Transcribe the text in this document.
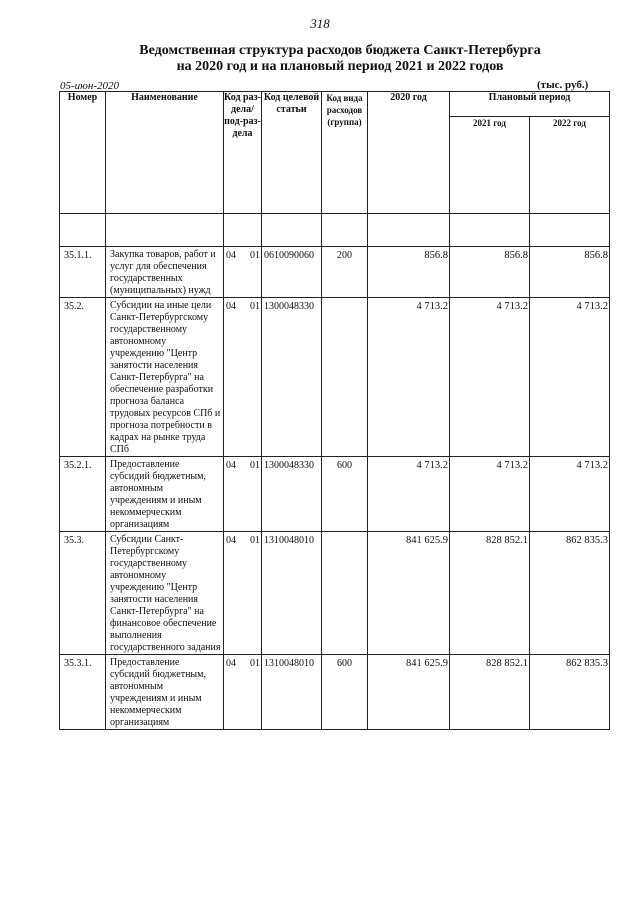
318
Ведомственная структура расходов бюджета Санкт-Петербурга
на 2020 год и на плановый период 2021 и 2022 годов
05-июн-2020	(тыс. руб.)
Номер	Наименование	Код раз-дела/ под-раз-дела	Код целевой статьи	Код вида расходов (группа)	2020 год	Плановый период	
						2021 год	2022 год

35.1.1.	Закупка товаров, работ и услуг для обеспечения государственных (муниципальных) нужд	04 01	0610090060	200	856.8	856.8	856.8
35.2.	Субсидии на иные цели Санкт-Петербургскому государственному автономному учреждению "Центр занятости населения Санкт-Петербурга" на обеспечение разработки прогноза баланса трудовых ресурсов СПб и прогноза потребности в кадрах на рынке труда СПб	04 01	1300048330		4 713.2	4 713.2	4 713.2
35.2.1.	Предоставление субсидий бюджетным, автономным учреждениям и иным некоммерческим организациям	04 01	1300048330	600	4 713.2	4 713.2	4 713.2
35.3.	Субсидии Санкт-Петербургскому государственному автономному учреждению "Центр занятости населения Санкт-Петербурга" на финансовое обеспечение выполнения государственного задания	04 01	1310048010		841 625.9	828 852.1	862 835.3
35.3.1.	Предоставление субсидий бюджетным, автономным учреждениям и иным некоммерческим организациям	04 01	1310048010	600	841 625.9	828 852.1	862 835.3
